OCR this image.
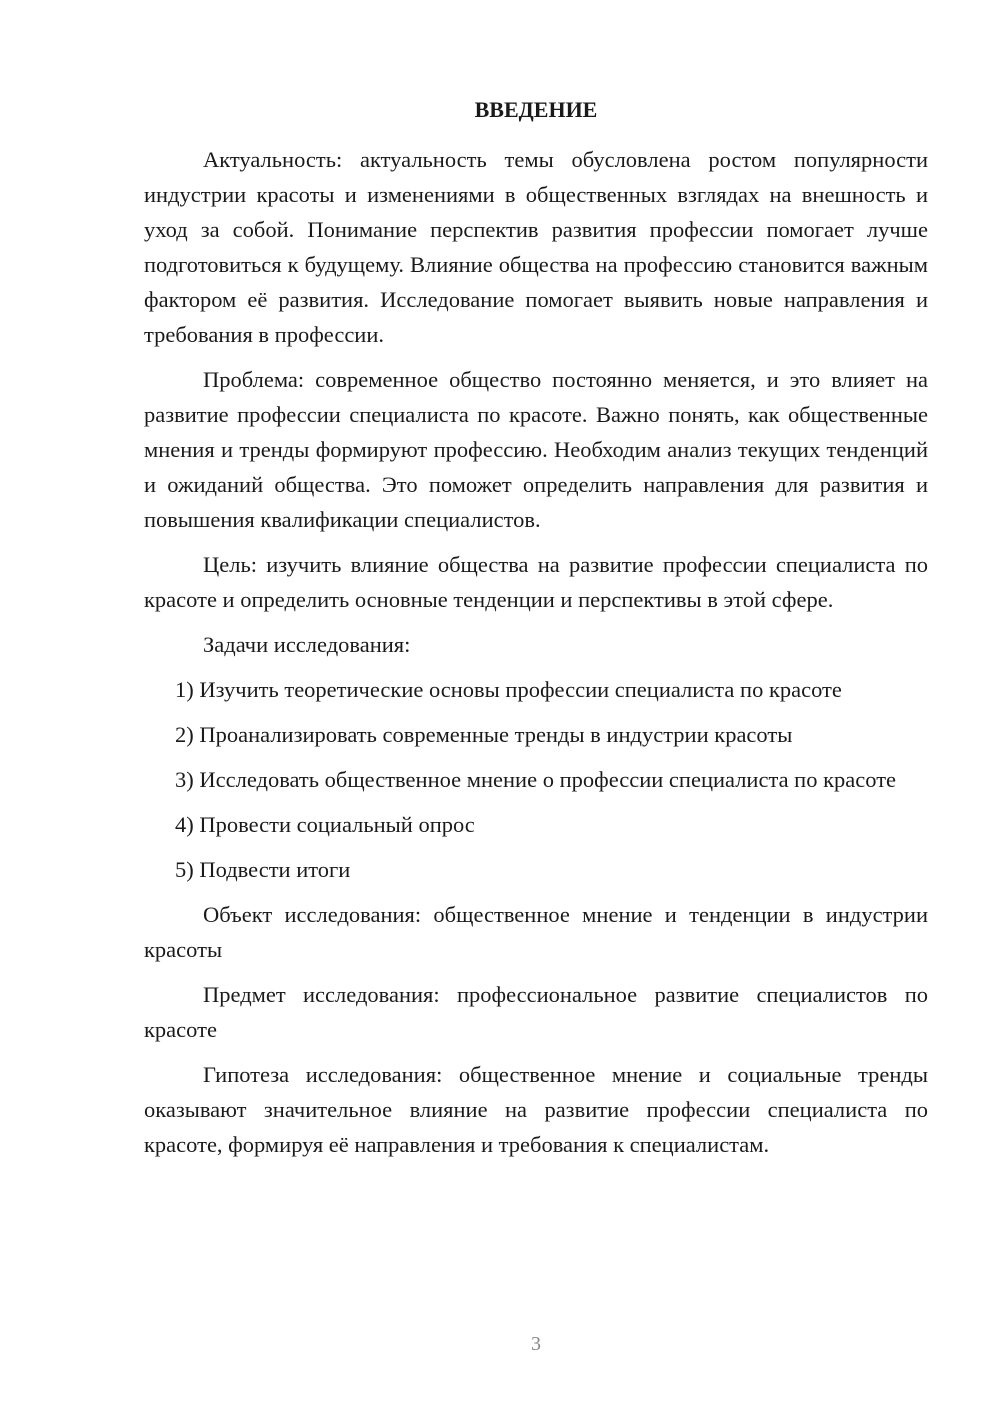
ВВЕДЕНИЕ

Актуальность: актуальность темы обусловлена ростом популярности индустрии красоты и изменениями в общественных взглядах на внешность и уход за собой. Понимание перспектив развития профессии помогает лучше подготовиться к будущему. Влияние общества на профессию становится важным фактором её развития. Исследование помогает выявить новые направления и требования в профессии.

Проблема: современное общество постоянно меняется, и это влияет на развитие профессии специалиста по красоте. Важно понять, как общественные мнения и тренды формируют профессию. Необходим анализ текущих тенденций и ожиданий общества. Это поможет определить направления для развития и повышения квалификации специалистов.

Цель: изучить влияние общества на развитие профессии специалиста по красоте и определить основные тенденции и перспективы в этой сфере.

Задачи исследования:

1) Изучить теоретические основы профессии специалиста по красоте

2) Проанализировать современные тренды в индустрии красоты

3) Исследовать общественное мнение о профессии специалиста по красоте

4) Провести социальный опрос

5) Подвести итоги

Объект исследования: общественное мнение и тенденции в индустрии красоты

Предмет исследования: профессиональное развитие специалистов по красоте

Гипотеза исследования: общественное мнение и социальные тренды оказывают значительное влияние на развитие профессии специалиста по красоте, формируя её направления и требования к специалистам.

3
